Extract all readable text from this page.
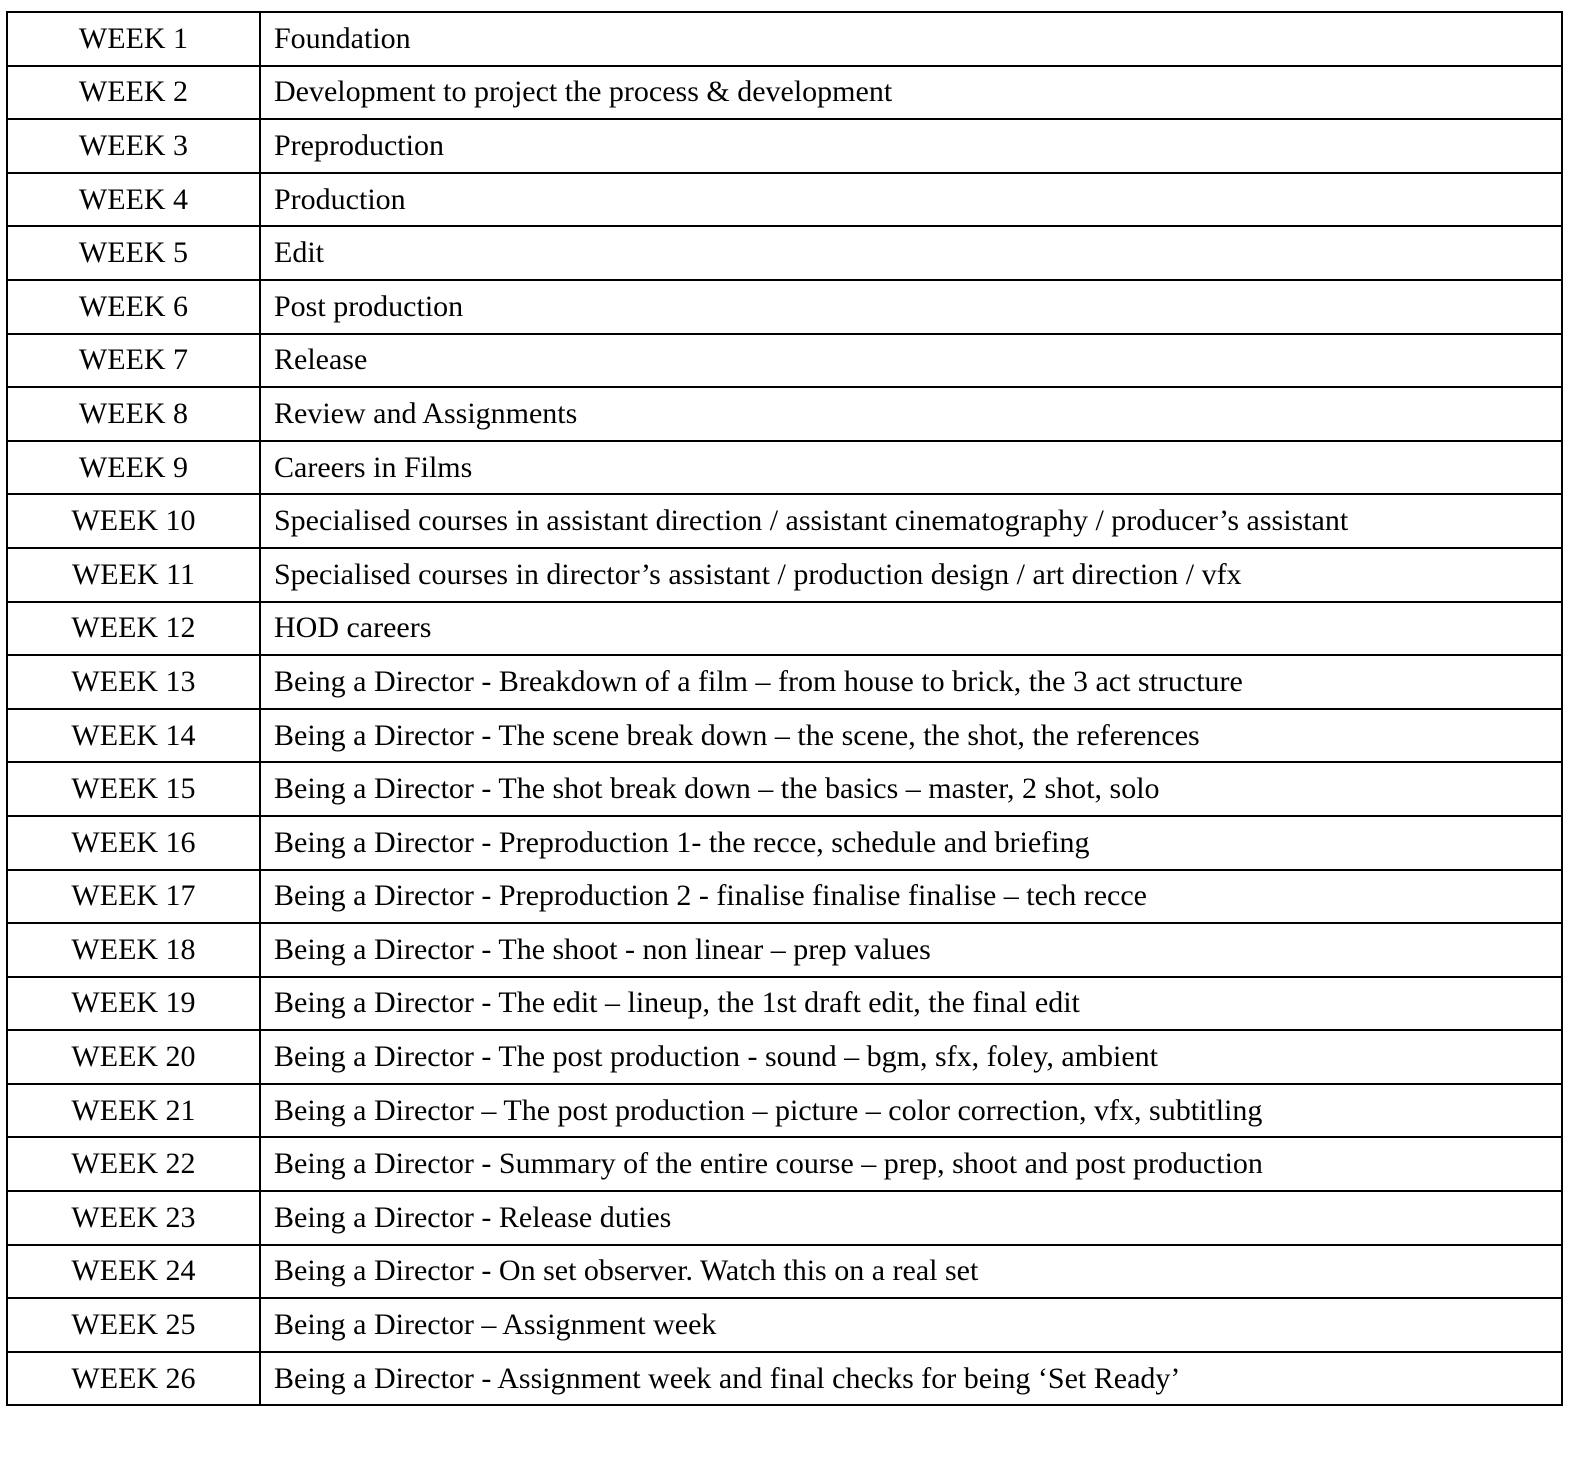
WEEK 1	Foundation
WEEK 2	Development to project the process & development
WEEK 3	Preproduction
WEEK 4	Production
WEEK 5	Edit
WEEK 6	Post production
WEEK 7	Release
WEEK 8	Review and Assignments
WEEK 9	Careers in Films
WEEK 10	Specialised courses in assistant direction / assistant cinematography / producer’s assistant
WEEK 11	Specialised courses in director’s assistant / production design / art direction / vfx
WEEK 12	HOD careers
WEEK 13	Being a Director - Breakdown of a film – from house to brick, the 3 act structure
WEEK 14	Being a Director - The scene break down – the scene, the shot, the references
WEEK 15	Being a Director - The shot break down – the basics – master, 2 shot, solo
WEEK 16	Being a Director - Preproduction 1- the recce, schedule and briefing
WEEK 17	Being a Director - Preproduction 2 - finalise finalise finalise – tech recce
WEEK 18	Being a Director - The shoot - non linear – prep values
WEEK 19	Being a Director - The edit – lineup, the 1st draft edit, the final edit
WEEK 20	Being a Director - The post production - sound – bgm, sfx, foley, ambient
WEEK 21	Being a Director – The post production – picture – color correction, vfx, subtitling
WEEK 22	Being a Director - Summary of the entire course – prep, shoot and post production
WEEK 23	Being a Director - Release duties
WEEK 24	Being a Director - On set observer. Watch this on a real set
WEEK 25	Being a Director – Assignment week
WEEK 26	Being a Director - Assignment week and final checks for being ‘Set Ready’
